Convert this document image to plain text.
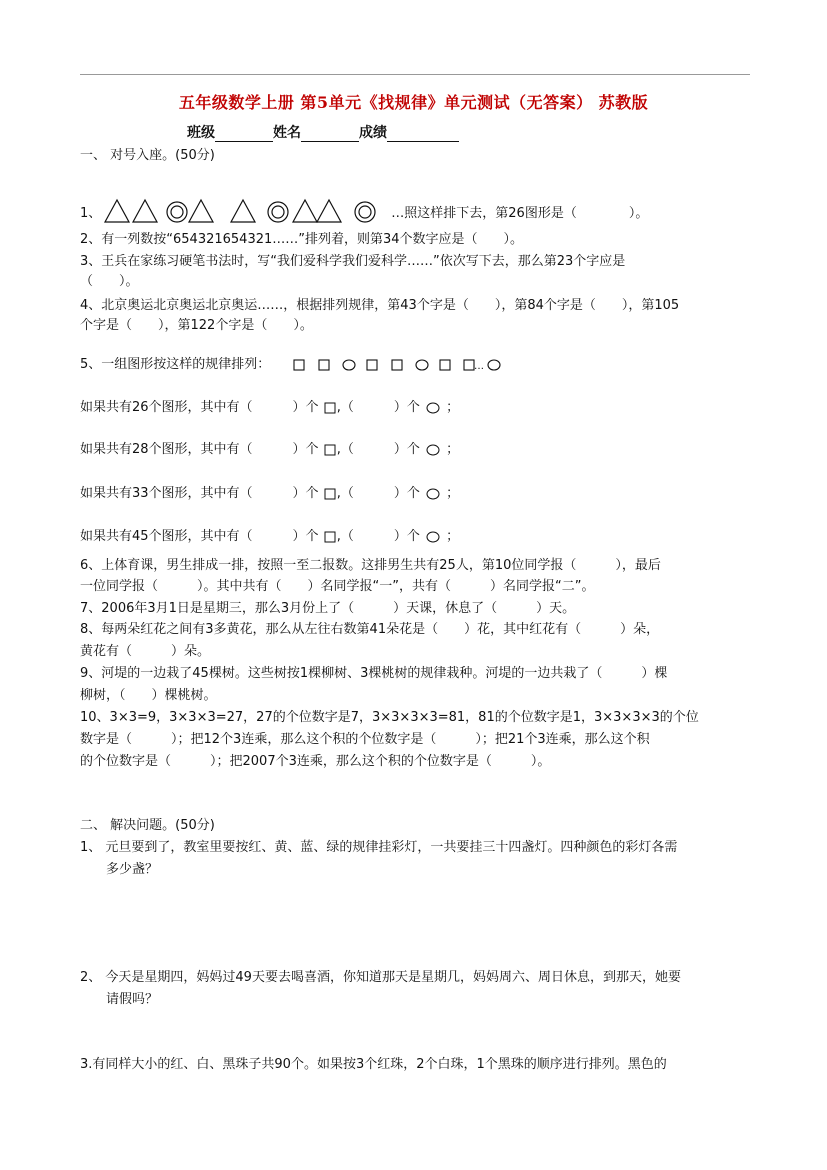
五年级数学上册 第5单元《找规律》单元测试（无答案） 苏教版
班级	姓名	成绩
一、 对号入座。(50分)
1、	…照这样排下去，第26图形是（　　　　）。
2、有一列数按“654321654321……”排列着，则第34个数字应是（　　）。
3、王兵在家练习硬笔书法时，写“我们爱科学我们爱科学……”依次写下去，那么第23个字应是
（　　）。
4、北京奥运北京奥运北京奥运……，根据排列规律，第43个字是（　　），第84个字是（　　），第105
个字是（　　），第122个字是（　　）。
5、一组图形按这样的规律排列：	…
如果共有26个图形，其中有（	）个 ,（	）个 ；
如果共有28个图形，其中有（	）个 ,（	）个 ；
如果共有33个图形，其中有（	）个 ,（	）个 ；
如果共有45个图形，其中有（	）个 ,（	）个 ；
6、上体育课，男生排成一排，按照一至二报数。这排男生共有25人，第10位同学报（　　　），最后
一位同学报（　　　）。其中共有（　　）名同学报“一”，共有（　　　）名同学报“二”。
7、2006年3月1日是星期三，那么3月份上了（　　　）天课，休息了（　　　）天。
8、每两朵红花之间有3多黄花，那么从左往右数第41朵花是（　　）花，其中红花有（　　　）朵，
黄花有（　　　）朵。
9、河堤的一边栽了45棵树。这些树按1棵柳树、3棵桃树的规律栽种。河堤的一边共栽了（　　　）棵
柳树，（　　）棵桃树。
10、3×3=9，3×3×3=27，27的个位数字是7，3×3×3×3=81，81的个位数字是1，3×3×3×3的个位
数字是（　　　）；把12个3连乘，那么这个积的个位数字是（　　　）；把21个3连乘，那么这个积
的个位数字是（　　　）；把2007个3连乘，那么这个积的个位数字是（　　　）。
二、 解决问题。(50分)
1、 元旦要到了，教室里要按红、黄、蓝、绿的规律挂彩灯，一共要挂三十四盏灯。四种颜色的彩灯各需
多少盏？
2、 今天是星期四，妈妈过49天要去喝喜酒，你知道那天是星期几，妈妈周六、周日休息，到那天，她要
请假吗？
3.有同样大小的红、白、黑珠子共90个。如果按3个红珠，2个白珠，1个黑珠的顺序进行排列。黑色的
